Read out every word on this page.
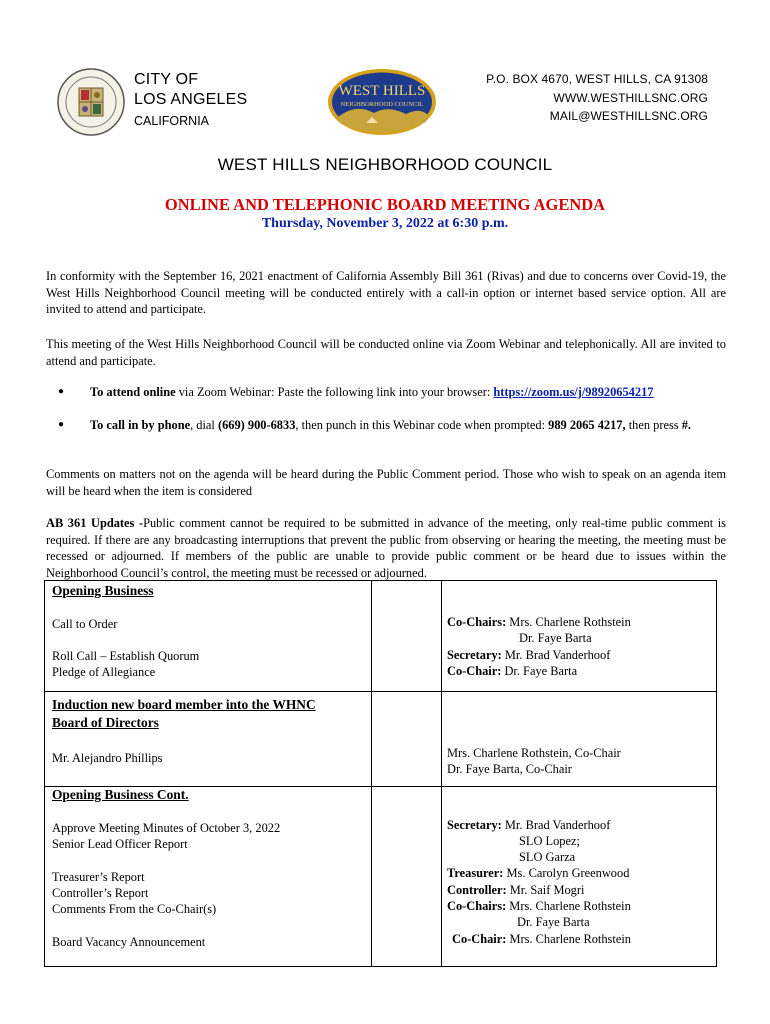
CITY OF
LOS ANGELES
CALIFORNIA
WEST HILLS
NEIGHBORHOOD COUNCIL
P.O. BOX 4670, WEST HILLS, CA 91308
WWW.WESTHILLSNC.ORG
MAIL@WESTHILLSNC.ORG
WEST HILLS NEIGHBORHOOD COUNCIL
ONLINE AND TELEPHONIC BOARD MEETING AGENDA
Thursday, November 3, 2022 at 6:30 p.m.
In conformity with the September 16, 2021 enactment of California Assembly Bill 361 (Rivas) and due to concerns over Covid-19, the West Hills Neighborhood Council meeting will be conducted entirely with a call-in option or internet based service option. All are invited to attend and participate.
This meeting of the West Hills Neighborhood Council will be conducted online via Zoom Webinar and telephonically. All are invited to attend and participate.
● To attend online via Zoom Webinar: Paste the following link into your browser: https://zoom.us/j/98920654217
● To call in by phone, dial (669) 900-6833, then punch in this Webinar code when prompted: 989 2065 4217, then press #.
Comments on matters not on the agenda will be heard during the Public Comment period. Those who wish to speak on an agenda item will be heard when the item is considered
AB 361 Updates -Public comment cannot be required to be submitted in advance of the meeting, only real-time public comment is required. If there are any broadcasting interruptions that prevent the public from observing or hearing the meeting, the meeting must be recessed or adjourned. If members of the public are unable to provide public comment or be heard due to issues within the Neighborhood Council’s control, the meeting must be recessed or adjourned.
Opening Business
Call to Order
Roll Call – Establish Quorum
Pledge of Allegiance
Co-Chairs: Mrs. Charlene Rothstein
Dr. Faye Barta
Secretary: Mr. Brad Vanderhoof
Co-Chair: Dr. Faye Barta
Induction new board member into the WHNC
Board of Directors
Mr. Alejandro Phillips	Mrs. Charlene Rothstein, Co-Chair
Dr. Faye Barta, Co-Chair
Opening Business Cont.
Approve Meeting Minutes of October 3, 2022
Senior Lead Officer Report
Treasurer’s Report
Controller’s Report
Comments From the Co-Chair(s)
Board Vacancy Announcement
Secretary: Mr. Brad Vanderhoof
SLO Lopez;
SLO Garza
Treasurer: Ms. Carolyn Greenwood
Controller: Mr. Saif Mogri
Co-Chairs: Mrs. Charlene Rothstein
Dr. Faye Barta
Co-Chair: Mrs. Charlene Rothstein
